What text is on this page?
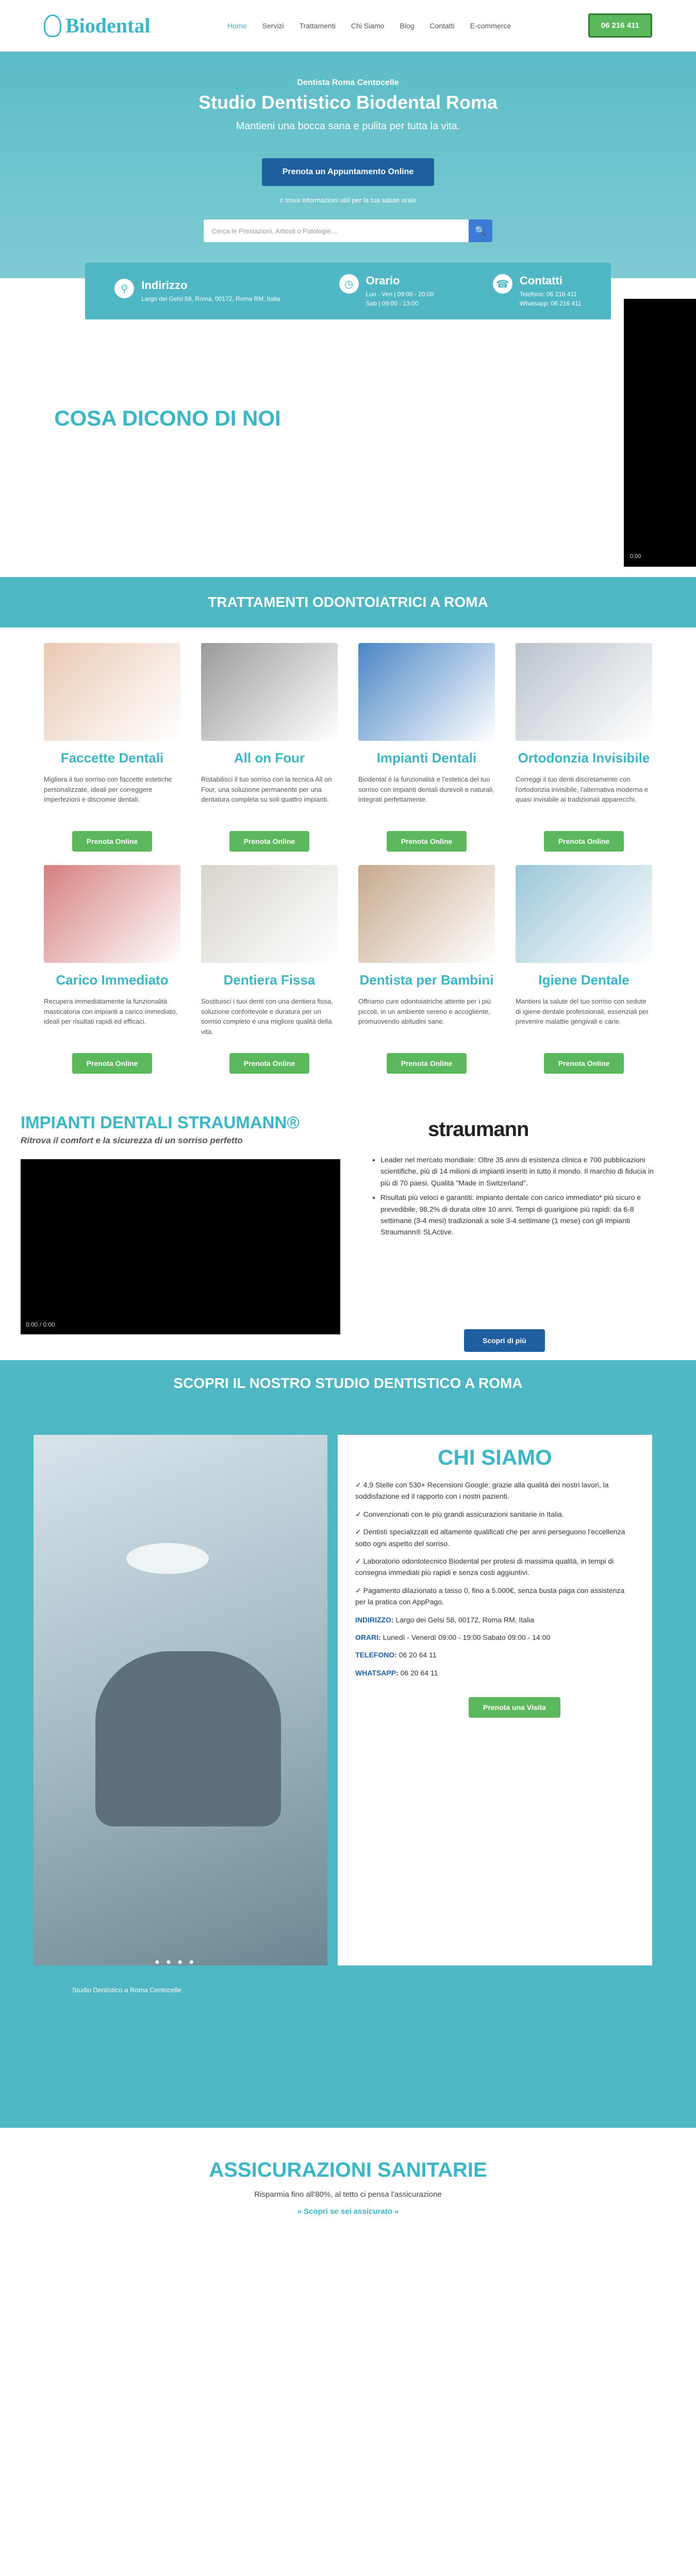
Biodental	Home Servizi Trattamenti Chi Siamo Blog Contatti E-commerce	06 216 411
Dentista Roma Centocelle
Studio Dentistico Biodental Roma
Mantieni una bocca sana e pulita per tutta la vita.
Prenota un Appuntamento Online
o trova informazioni utili per la tua salute orale
Cerca le Prestazioni, Articoli o Patologie…	🔍
⚲	Indirizzo

Largo dei Gelsi 58, Roma, 00172, Roma RM, Italia

◷	Orario

Lun - Ven | 09:00 - 20:00

Sab | 09:00 - 13:00

☎ Contatti

Telefono: 06 216 411

Whatsapp: 06 216 411

COSA DICONO DI NOI
0:00
TRATTAMENTI ODONTOIATRICI A ROMA
Faccette Dentali

Migliora il tuo sorriso con faccette estetiche personalizzate, ideali per correggere imperfezioni e discromie dentali.

Prenota Online
All on Four

Ristabilisci il tuo sorriso con la tecnica All on Four, una soluzione permanente per una dentatura completa su soli quattro impianti.

Prenota Online
Impianti Dentali

Biodental è la funzionalità e l'estetica del tuo sorriso con impianti dentali durevoli e naturali, integrati perfettamente.

Prenota Online
Ortodonzia Invisibile

Correggi il tuo denti discretamente con l'ortodonzia invisibile, l'alternativa moderna e quasi invisibile ai tradizionali apparecchi.

Prenota Online
Carico Immediato

Recupera immediatamente la funzionalità masticatoria con impianti a carico immediato, ideali per risultati rapidi ed efficaci.

Prenota Online
Dentiera Fissa

Sostituisci i tuoi denti con una dentiera fissa, soluzione confortevole e duratura per un sorriso completo e una migliore qualità della vita.

Prenota Online
Dentista per Bambini

Offriamo cure odontoiatriche attente per i più piccoli, in un ambiente sereno e accogliente, promuovendo abitudini sane.

Prenota Online
Igiene Dentale

Mantieni la salute del tuo sorriso con sedute di igiene dentale professionali, essenziali per prevenire malattie gengivali e carie.

Prenota Online
IMPIANTI DENTALI STRAUMANN®
Ritrova il comfort e la sicurezza di un sorriso perfetto
0:00 / 0:00
straumann
• Leader nel mercato mondiale: Oltre 35 anni di esistenza clinica e 700 pubblicazioni scientifiche, più di 14 milioni di impianti inseriti in tutto il mondo. Il marchio di fiducia in più di 70 paesi. Qualità "Made in Switzerland".
• Risultati più veloci e garantiti: impianto dentale con carico immediato* più sicuro e prevedibile, 98,2% di durata oltre 10 anni. Tempi di guarigione più rapidi: da 6-8 settimane (3-4 mesi) tradizionali a sole 3-4 settimane (1 mese) con gli impianti Straumann® SLActive.
Scopri di più
SCOPRI IL NOSTRO STUDIO DENTISTICO A ROMA
● ● ● ●
Studio Dentistico a Roma Centocelle
CHI SIAMO

✓ 4,9 Stelle con 530+ Recensioni Google: grazie alla qualità dei nostri lavori, la soddisfazione ed il rapporto con i nostri pazienti.

✓ Convenzionati con le più grandi assicurazioni sanitarie in Italia.

✓ Dentisti specializzati ed altamente qualificati che per anni perseguono l'eccellenza sotto ogni aspetto del sorriso.

✓ Laboratorio odontotecnico Biodental per protesi di massima qualità, in tempi di consegna immediati più rapidi e senza costi aggiuntivi.

✓ Pagamento dilazionato a tasso 0, fino a 5.000€, senza busta paga con assistenza per la pratica con AppPago.

INDIRIZZO: Largo dei Gelsi 58, 00172, Roma RM, Italia

ORARI: Lunedì - Venerdì 09:00 - 19:00 Sabato 09:00 - 14:00

TELEFONO: 06 20 64 11

WHATSAPP: 06 20 64 11

Prenota una Visita
ASSICURAZIONI SANITARIE

Risparmia fino all'80%, al tetto ci pensa l'assicurazione

» Scopri se sei assicurato «
